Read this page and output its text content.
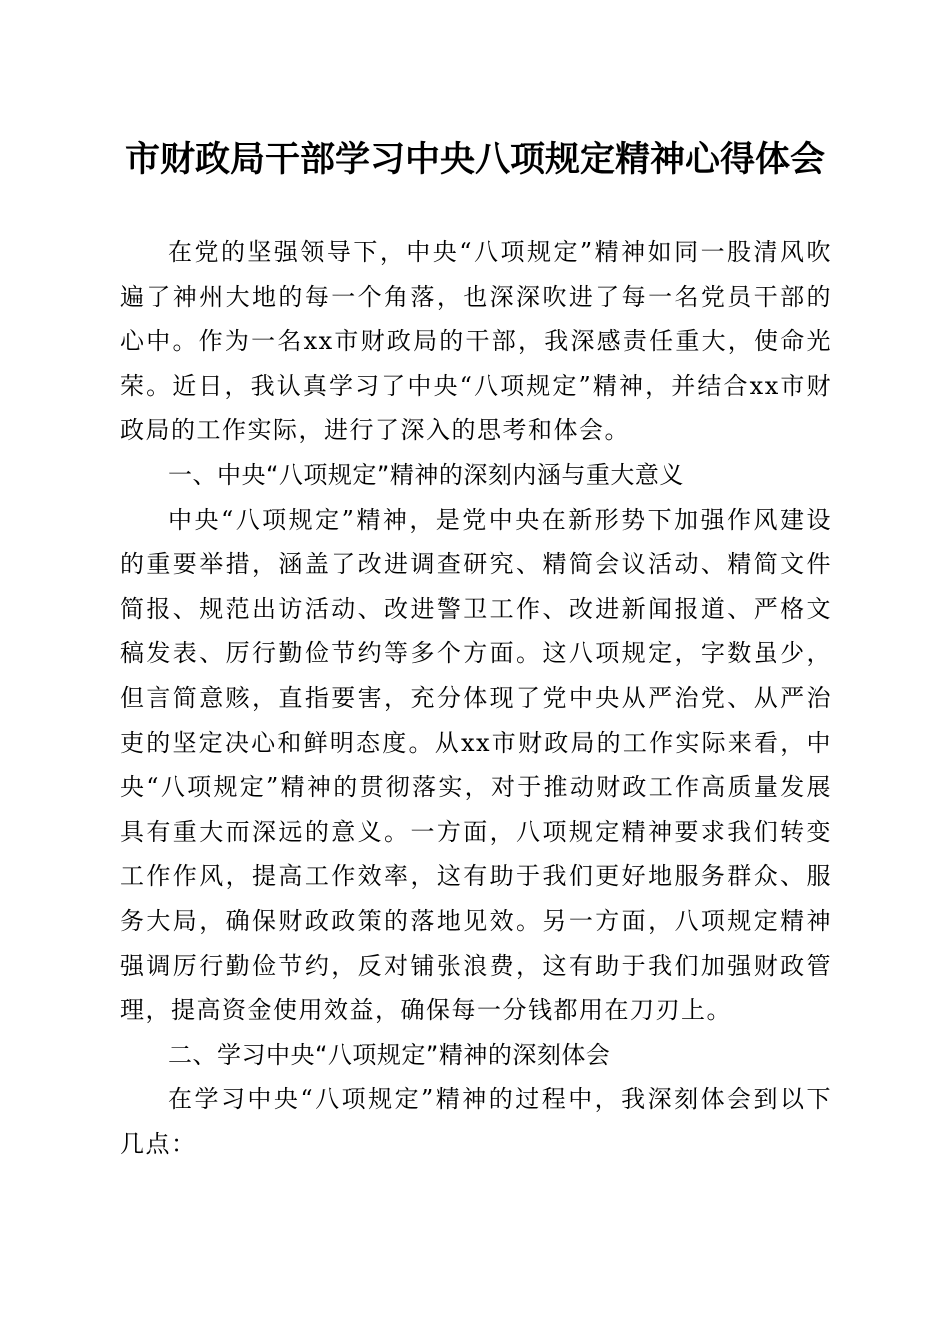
市财政局干部学习中央八项规定精神心得体会

在党的坚强领导下，中央“八项规定”精神如同一股清风吹遍了神州大地的每一个角落，也深深吹进了每一名党员干部的心中。作为一名xx市财政局的干部，我深感责任重大，使命光荣。近日，我认真学习了中央“八项规定”精神，并结合xx市财政局的工作实际，进行了深入的思考和体会。

一、中央“八项规定”精神的深刻内涵与重大意义

中央“八项规定”精神，是党中央在新形势下加强作风建设的重要举措，涵盖了改进调查研究、精简会议活动、精简文件简报、规范出访活动、改进警卫工作、改进新闻报道、严格文稿发表、厉行勤俭节约等多个方面。这八项规定，字数虽少，但言简意赅，直指要害，充分体现了党中央从严治党、从严治吏的坚定决心和鲜明态度。从xx市财政局的工作实际来看，中央“八项规定”精神的贯彻落实，对于推动财政工作高质量发展具有重大而深远的意义。一方面，八项规定精神要求我们转变工作作风，提高工作效率，这有助于我们更好地服务群众、服务大局，确保财政政策的落地见效。另一方面，八项规定精神强调厉行勤俭节约，反对铺张浪费，这有助于我们加强财政管理，提高资金使用效益，确保每一分钱都用在刀刃上。

二、学习中央“八项规定”精神的深刻体会

在学习中央“八项规定”精神的过程中，我深刻体会到以下几点：
